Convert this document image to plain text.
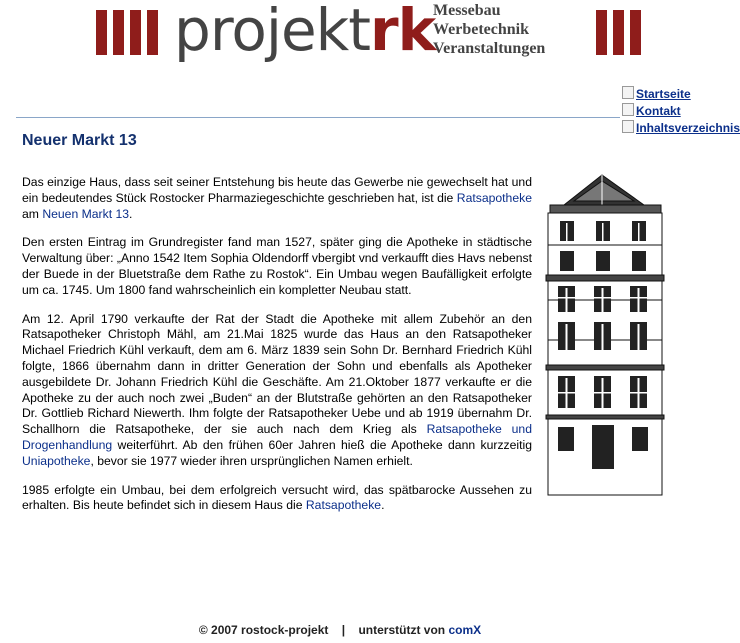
projektrk
Messebau
Werbetechnik
Veranstaltungen
Startseite
Kontakt
Inhaltsverzeichnis
Neuer Markt 13

Das einzige Haus, dass seit seiner Entstehung bis heute das Gewerbe nie gewechselt hat und ein bedeutendes Stück Rostocker Pharmaziegeschichte geschrieben hat, ist die Ratsapotheke am Neuen Markt 13.

Den ersten Eintrag im Grundregister fand man 1527, später ging die Apotheke in städtische Verwaltung über: „Anno 1542 Item Sophia Oldendorff vbergibt vnd verkaufft dies Havs nebenst der Buede in der Bluetstraße dem Rathe zu Rostok“. Ein Umbau wegen Baufälligkeit erfolgte um ca. 1745. Um 1800 fand wahrscheinlich ein kompletter Neubau statt.

Am 12. April 1790 verkaufte der Rat der Stadt die Apotheke mit allem Zubehör an den Ratsapotheker Christoph Mähl, am 21.Mai 1825 wurde das Haus an den Ratsapotheker Michael Friedrich Kühl verkauft, dem am 6. März 1839 sein Sohn Dr. Bernhard Friedrich Kühl folgte, 1866 übernahm dann in dritter Generation der Sohn und ebenfalls als Apotheker ausgebildete Dr. Johann Friedrich Kühl die Geschäfte. Am 21.Oktober 1877 verkaufte er die Apotheke zu der auch noch zwei „Buden“ an der Blutstraße gehörten an den Ratsapotheker Dr. Gottlieb Richard Niewerth. Ihm folgte der Ratsapotheker Uebe und ab 1919 übernahm Dr. Schallhorn die Ratsapotheke, der sie auch nach dem Krieg als Ratsapotheke und Drogenhandlung weiterführt. Ab den frühen 60er Jahren hieß die Apotheke dann kurzzeitig Uniapotheke, bevor sie 1977 wieder ihren ursprünglichen Namen erhielt.

1985 erfolgte ein Umbau, bei dem erfolgreich versucht wird, das spätbarocke Aussehen zu erhalten. Bis heute befindet sich in diesem Haus die Ratsapotheke.

© 2007 rostock-projekt | unterstützt von comX
